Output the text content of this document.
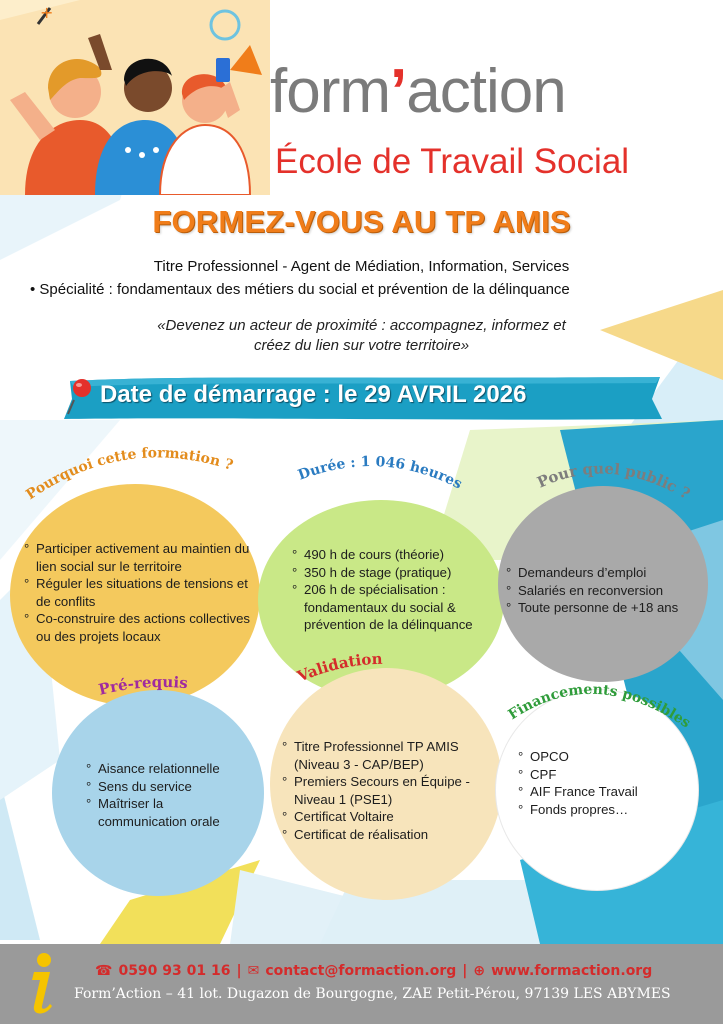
+
form’action
École de Travail Social
FORMEZ-VOUS AU TP AMIS
Titre Professionnel - Agent de Médiation, Information, Services
• Spécialité : fondamentaux des métiers du social et prévention de la délinquance
«Devenez un acteur de proximité : accompagnez, informez et
créez du lien sur votre territoire»
Date de démarrage : le 29 AVRIL 2026
Pourquoi cette formation ?	Durée : 1 046 heures	Pour quel public ?
Pré-requis	Validation
Financements possibles
° Participer activement au maintien du lien social sur le territoire
° Réguler les situations de tensions et de conflits
° Co-construire des actions collectives ou des projets locaux
° 490 h de cours (théorie)
° 350 h de stage (pratique)
° 206 h de spécialisation : fondamentaux du social & prévention de la délinquance
° Demandeurs d’emploi
° Salariés en reconversion
° Toute personne de +18 ans
° Aisance relationnelle
° Sens du service
° Maîtriser la communication orale
° Titre Professionnel TP AMIS (Niveau 3 - CAP/BEP)
° Premiers Secours en Équipe - Niveau 1 (PSE1)
° Certificat Voltaire
° Certificat de réalisation
° OPCO
° CPF
° AIF France Travail
° Fonds propres…
☎ 0590 93 01 16 | ✉ contact@formaction.org | ⊕ www.formaction.org
Form’Action – 41 lot. Dugazon de Bourgogne, ZAE Petit-Pérou, 97139 LES ABYMES
